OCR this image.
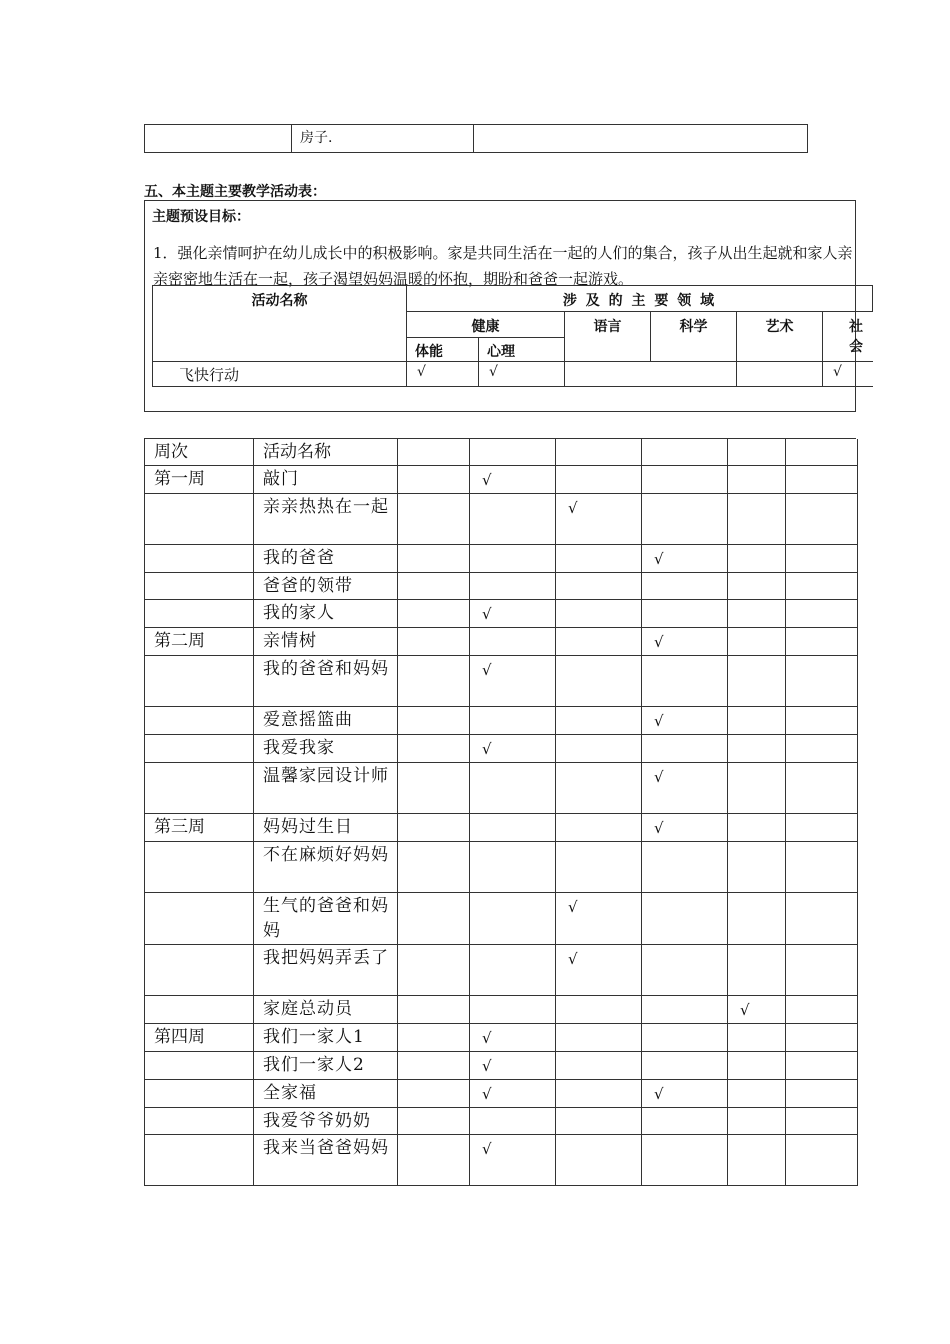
	房子.	
五、本主题主要教学活动表：
主题预设目标：
1．强化亲情呵护在幼儿成长中的积极影响。家是共同生活在一起的人们的集合，孩子从出生起就和家人亲亲密密地生活在一起，孩子渴望妈妈温暖的怀抱，期盼和爸爸一起游戏。
活动名称	涉 及 的 主 要 领 域					
	健康		语言	科学	艺术	社会
	体能	心理				
飞快行动	√	√				√
周次	活动名称						
第一周	敲门		√				
	亲亲热热在一起			√			
	我的爸爸				√		
	爸爸的领带						
	我的家人		√				
第二周	亲情树				√		
	我的爸爸和妈妈		√				
	爱意摇篮曲				√		
	我爱我家		√				
	温馨家园设计师				√		
第三周	妈妈过生日				√		
	不在麻烦好妈妈						
	生气的爸爸和妈妈			√			
	我把妈妈弄丢了			√			
	家庭总动员					√	
第四周	我们一家人1		√				
	我们一家人2		√				
	全家福		√		√		
	我爱爷爷奶奶						
	我来当爸爸妈妈		√				
